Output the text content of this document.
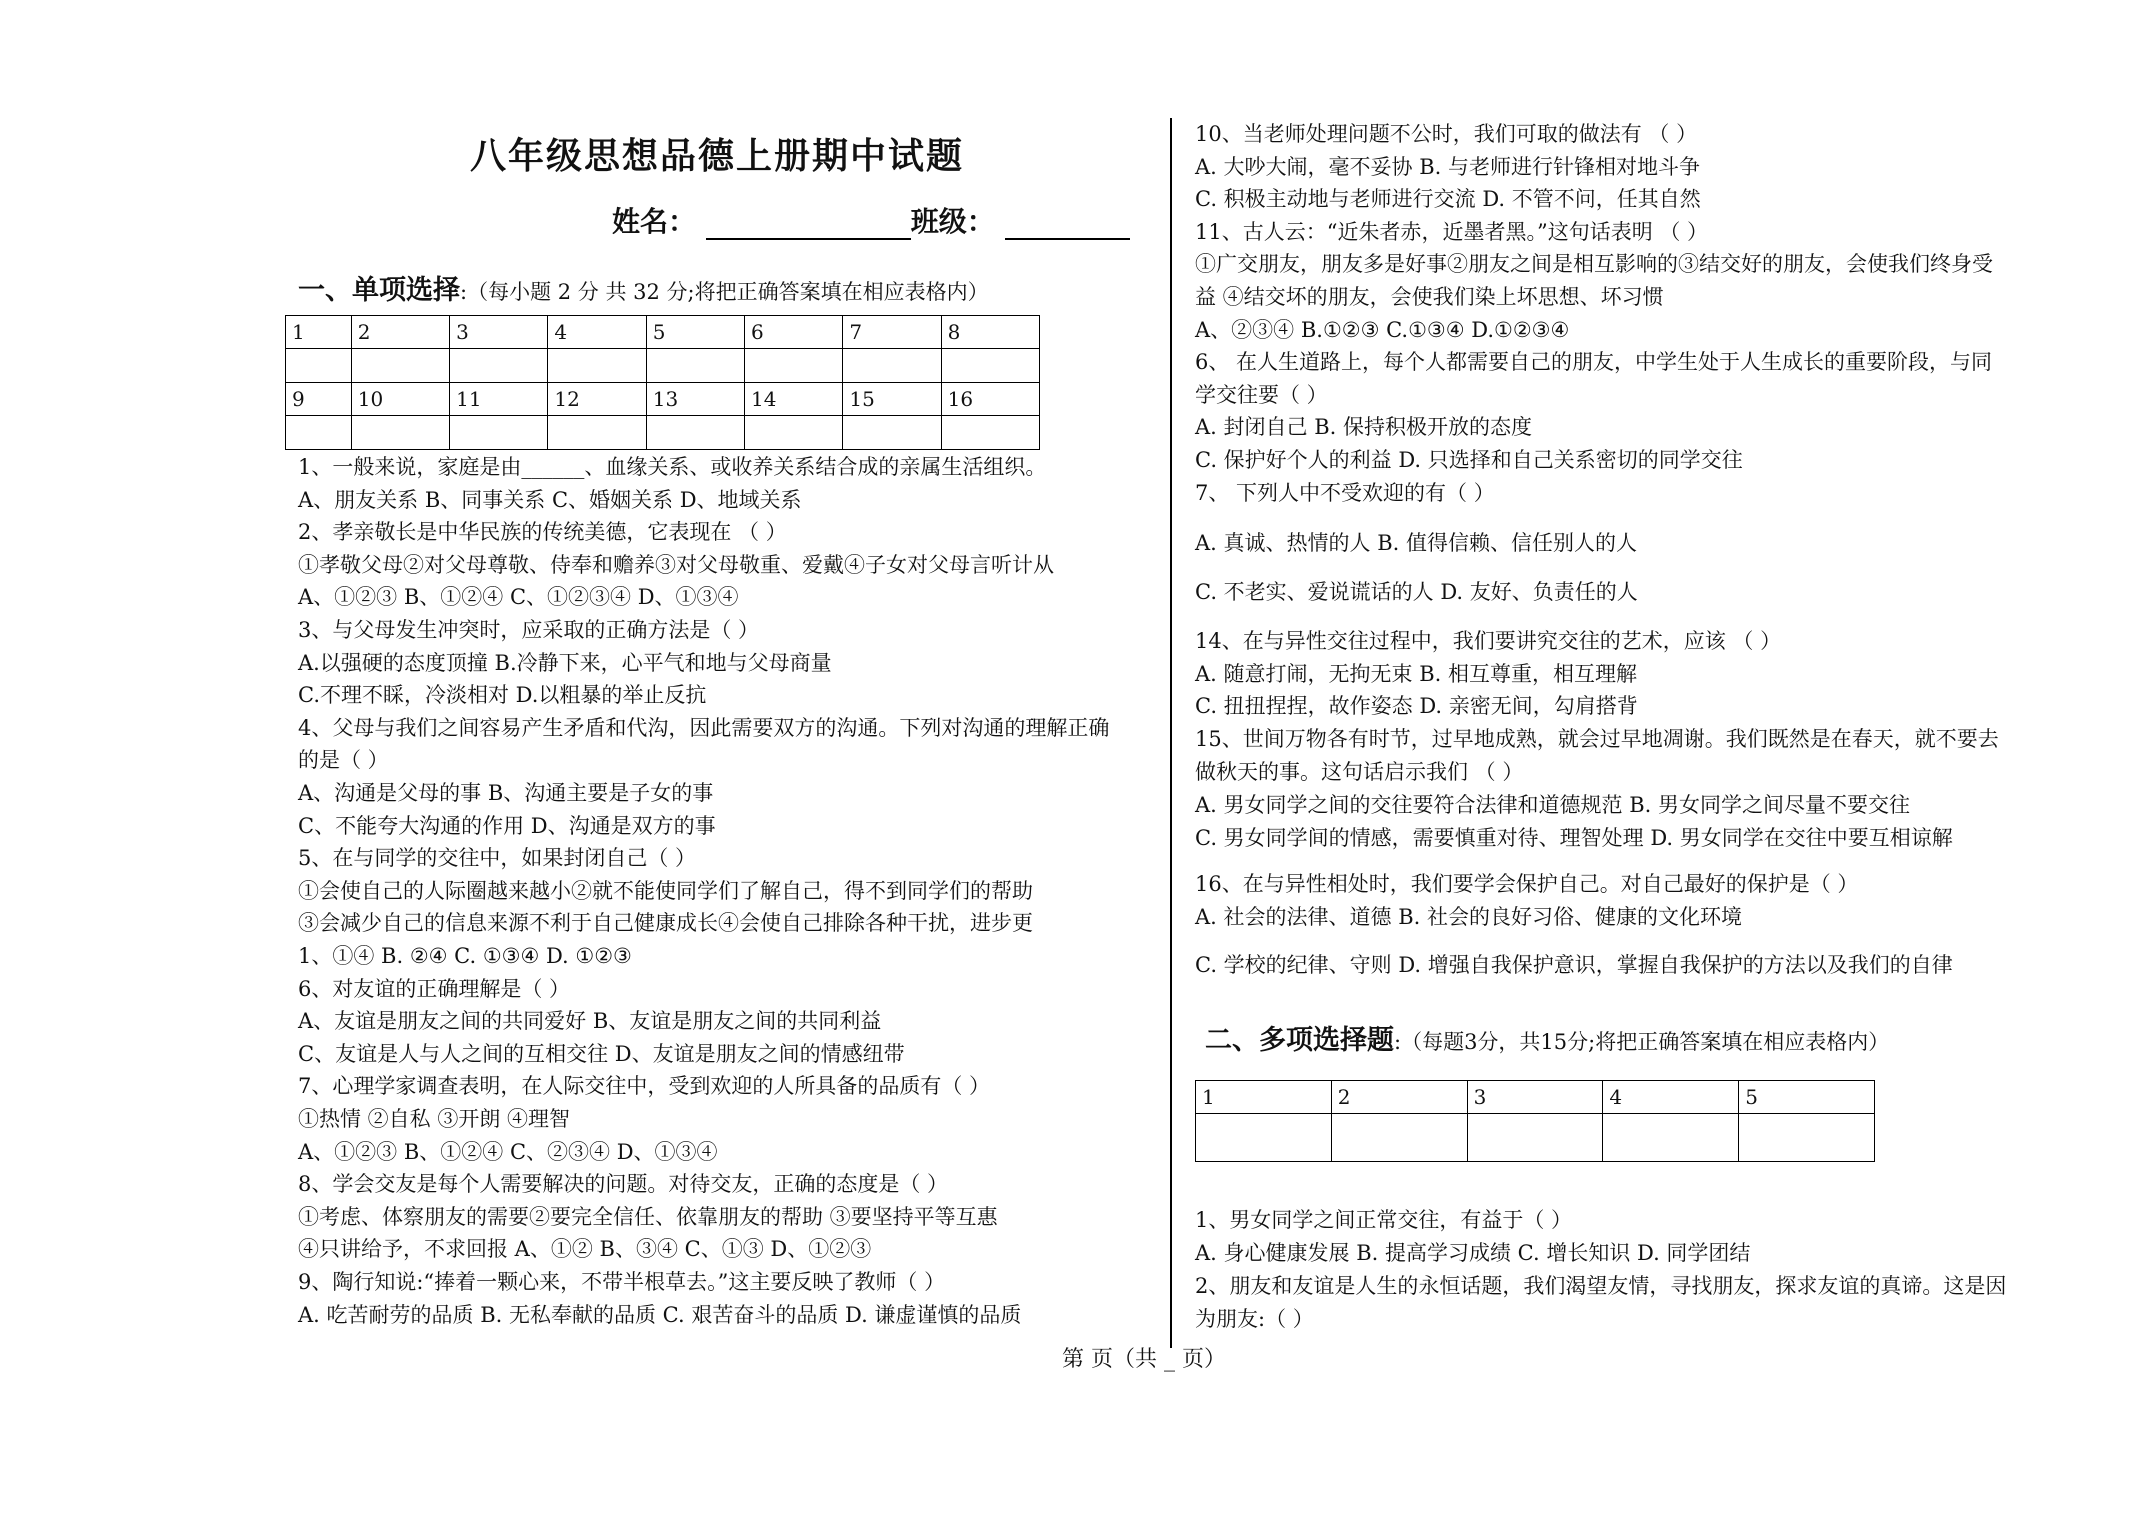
八年级思想品德上册期中试题
姓名：	班级：
一、单项选择:（每小题 2 分 共 32 分;将把正确答案填在相应表格内）
1	2	3	4	5	6	7	8

9	10	11	12	13	14	15	16

1、一般来说，家庭是由______、血缘关系、或收养关系结合成的亲属生活组织。
A、朋友关系 B、同事关系 C、婚姻关系 D、地域关系
2、孝亲敬长是中华民族的传统美德，它表现在 （ ）
①孝敬父母②对父母尊敬、侍奉和赡养③对父母敬重、爱戴④子女对父母言听计从
A、①②③ B、①②④ C、①②③④ D、①③④
3、与父母发生冲突时，应采取的正确方法是（ ）
A.以强硬的态度顶撞 B.冷静下来，心平气和地与父母商量
C.不理不睬，冷淡相对 D.以粗暴的举止反抗
4、父母与我们之间容易产生矛盾和代沟，因此需要双方的沟通。下列对沟通的理解正确
的是（ ）
A、沟通是父母的事 B、沟通主要是子女的事
C、不能夸大沟通的作用 D、沟通是双方的事
5、在与同学的交往中，如果封闭自己（ ）
①会使自己的人际圈越来越小②就不能使同学们了解自己，得不到同学们的帮助
③会减少自己的信息来源不利于自己健康成长④会使自己排除各种干扰，进步更
1、①④ B. ②④ C. ①③④ D. ①②③
6、对友谊的正确理解是（ ）
A、友谊是朋友之间的共同爱好 B、友谊是朋友之间的共同利益
C、友谊是人与人之间的互相交往 D、友谊是朋友之间的情感纽带
7、心理学家调查表明，在人际交往中，受到欢迎的人所具备的品质有（ ）
①热情 ②自私 ③开朗 ④理智
A、①②③ B、①②④ C、②③④ D、①③④
8、学会交友是每个人需要解决的问题。对待交友，正确的态度是（ ）
①考虑、体察朋友的需要②要完全信任、依靠朋友的帮助 ③要坚持平等互惠
④只讲给予，不求回报 A、①② B、③④ C、①③ D、①②③
9、陶行知说:“捧着一颗心来，不带半根草去。”这主要反映了教师（ ）
A. 吃苦耐劳的品质 B. 无私奉献的品质 C. 艰苦奋斗的品质 D. 谦虚谨慎的品质
10、当老师处理问题不公时，我们可取的做法有 （ ）
A. 大吵大闹，毫不妥协 B. 与老师进行针锋相对地斗争
C. 积极主动地与老师进行交流 D. 不管不问，任其自然
11、古人云：“近朱者赤，近墨者黑。”这句话表明 （ ）
①广交朋友，朋友多是好事②朋友之间是相互影响的③结交好的朋友，会使我们终身受
益 ④结交坏的朋友，会使我们染上坏思想、坏习惯
A、②③④ B.①②③ C.①③④ D.①②③④
6、 在人生道路上，每个人都需要自己的朋友，中学生处于人生成长的重要阶段，与同
学交往要（ ）
A. 封闭自己 B. 保持积极开放的态度
C. 保护好个人的利益 D. 只选择和自己关系密切的同学交往
7、 下列人中不受欢迎的有（ ）
A. 真诚、热情的人 B. 值得信赖、信任别人的人
C. 不老实、爱说谎话的人 D. 友好、负责任的人
14、在与异性交往过程中，我们要讲究交往的艺术，应该 （ ）
A. 随意打闹，无拘无束 B. 相互尊重，相互理解
C. 扭扭捏捏，故作姿态 D. 亲密无间，勾肩搭背
15、世间万物各有时节，过早地成熟，就会过早地凋谢。我们既然是在春天，就不要去
做秋天的事。这句话启示我们 （ ）
A. 男女同学之间的交往要符合法律和道德规范 B. 男女同学之间尽量不要交往
C. 男女同学间的情感，需要慎重对待、理智处理 D. 男女同学在交往中要互相谅解
16、在与异性相处时，我们要学会保护自己。对自己最好的保护是（ ）
A. 社会的法律、道德 B. 社会的良好习俗、健康的文化环境
C. 学校的纪律、守则 D. 增强自我保护意识，掌握自我保护的方法以及我们的自律
二、多项选择题:（每题3分，共15分;将把正确答案填在相应表格内）
1	2	3	4	5

1、男女同学之间正常交往，有益于（ ）
A. 身心健康发展 B. 提高学习成绩 C. 增长知识 D. 同学团结
2、朋友和友谊是人生的永恒话题，我们渴望友情，寻找朋友，探求友谊的真谛。这是因
为朋友:（ ）
第 页（共 _ 页）
